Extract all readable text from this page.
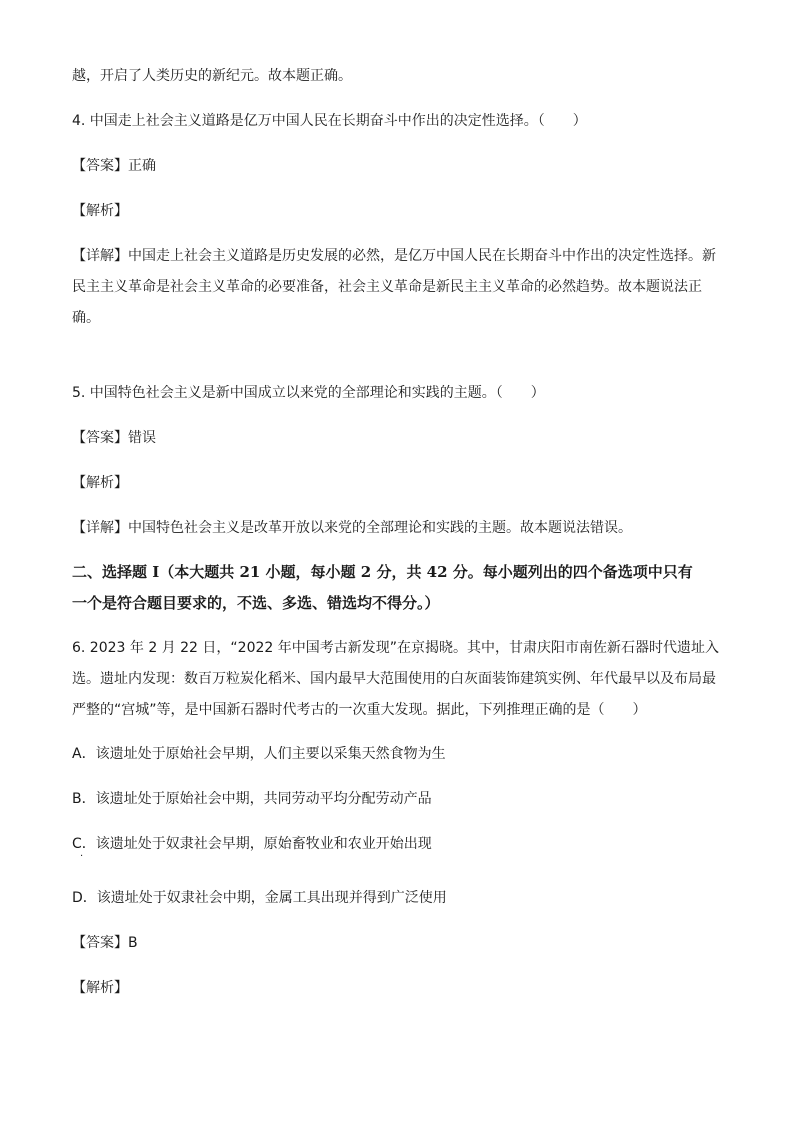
越，开启了人类历史的新纪元。故本题正确。
4. 中国走上社会主义道路是亿万中国人民在长期奋斗中作出的决定性选择。（　　）
【答案】正确
【解析】
【详解】中国走上社会主义道路是历史发展的必然，是亿万中国人民在长期奋斗中作出的决定性选择。新
民主主义革命是社会主义革命的必要准备，社会主义革命是新民主主义革命的必然趋势。故本题说法正
确。
5. 中国特色社会主义是新中国成立以来党的全部理论和实践的主题。（　　）
【答案】错误
【解析】
【详解】中国特色社会主义是改革开放以来党的全部理论和实践的主题。故本题说法错误。
二、选择题 I（本大题共 21 小题，每小题 2 分，共 42 分。每小题列出的四个备选项中只有
一个是符合题目要求的，不选、多选、错选均不得分。）
6. 2023 年 2 月 22 日，“2022 年中国考古新发现”在京揭晓。其中，甘肃庆阳市南佐新石器时代遗址入
选。遗址内发现：数百万粒炭化稻米、国内最早大范围使用的白灰面装饰建筑实例、年代最早以及布局最
严整的“宫城”等，是中国新石器时代考古的一次重大发现。据此，下列推理正确的是（　　）
A．该遗址处于原始社会早期，人们主要以采集天然食物为生
B．该遗址处于原始社会中期，共同劳动平均分配劳动产品
C．该遗址处于奴隶社会早期，原始畜牧业和农业开始出现
·
D．该遗址处于奴隶社会中期，金属工具出现并得到广泛使用
【答案】B
【解析】
